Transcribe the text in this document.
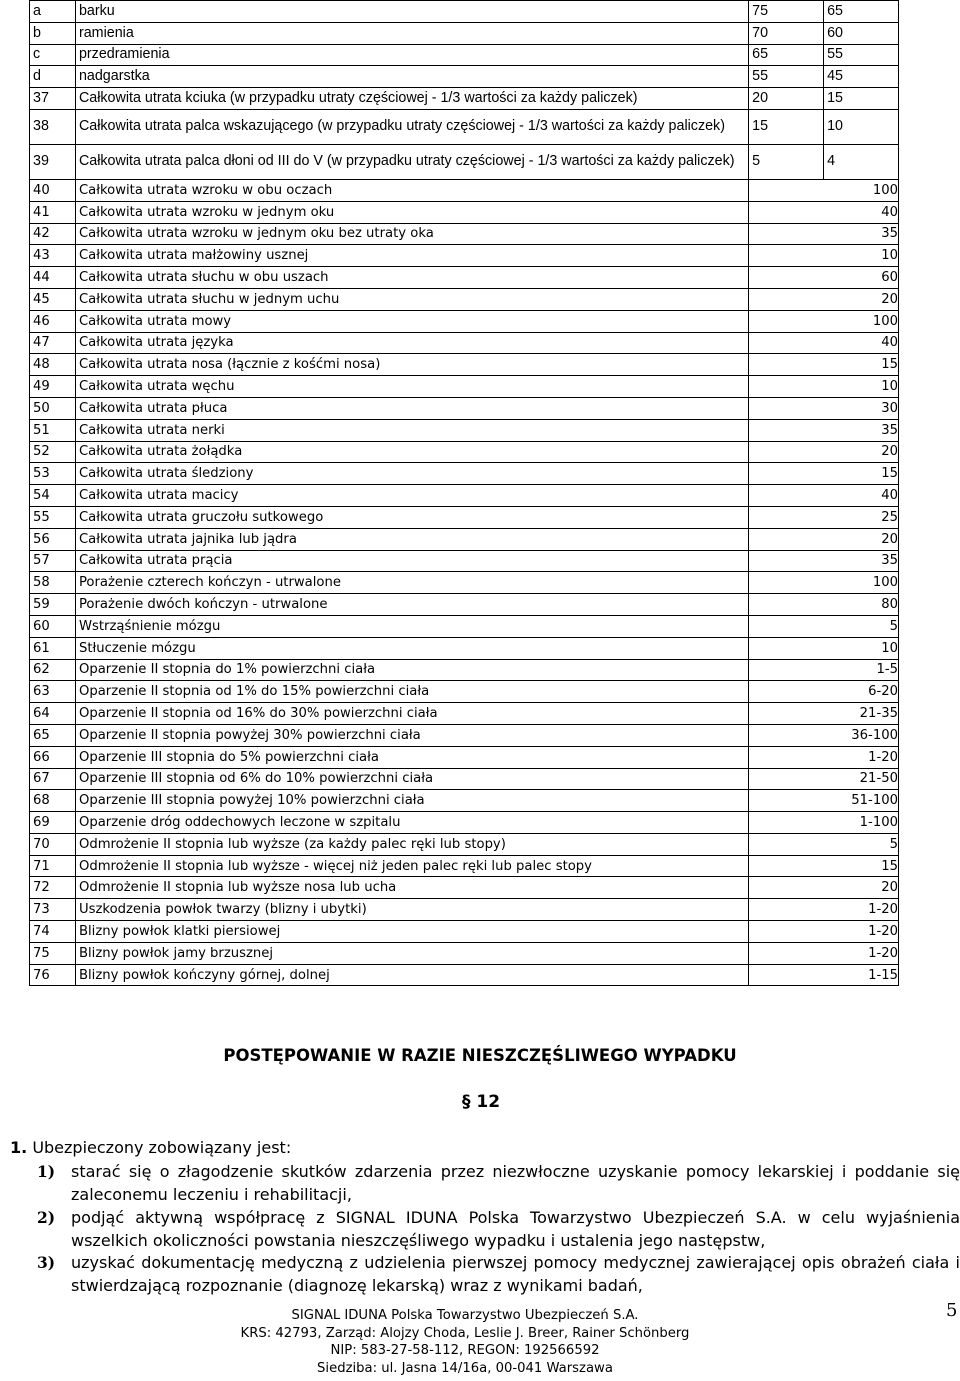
a	barku	75	65
b	ramienia	70	60
c	przedramienia	65	55
d	nadgarstka	55	45
37	Całkowita utrata kciuka (w przypadku utraty częściowej - 1/3 wartości za każdy paliczek)	20	15
38	Całkowita utrata palca wskazującego (w przypadku utraty częściowej - 1/3 wartości za każdy paliczek)	15	10
39	Całkowita utrata palca dłoni od III do V (w przypadku utraty częściowej - 1/3 wartości za każdy paliczek)	5	4
40	Całkowita utrata wzroku w obu oczach	100	
41	Całkowita utrata wzroku w jednym oku	40	
42	Całkowita utrata wzroku w jednym oku bez utraty oka	35	
43	Całkowita utrata małżowiny usznej	10	
44	Całkowita utrata słuchu w obu uszach	60	
45	Całkowita utrata słuchu w jednym uchu	20	
46	Całkowita utrata mowy	100	
47	Całkowita utrata języka	40	
48	Całkowita utrata nosa (łącznie z kośćmi nosa)	15	
49	Całkowita utrata węchu	10	
50	Całkowita utrata płuca	30	
51	Całkowita utrata nerki	35	
52	Całkowita utrata żołądka	20	
53	Całkowita utrata śledziony	15	
54	Całkowita utrata macicy	40	
55	Całkowita utrata gruczołu sutkowego	25	
56	Całkowita utrata jajnika lub jądra	20	
57	Całkowita utrata prącia	35	
58	Porażenie czterech kończyn - utrwalone	100	
59	Porażenie dwóch kończyn - utrwalone	80	
60	Wstrząśnienie mózgu	5	
61	Stłuczenie mózgu	10	
62	Oparzenie II stopnia do 1% powierzchni ciała	1-5	
63	Oparzenie II stopnia od 1% do 15% powierzchni ciała	6-20	
64	Oparzenie II stopnia od 16% do 30% powierzchni ciała	21-35	
65	Oparzenie II stopnia powyżej 30% powierzchni ciała	36-100	
66	Oparzenie III stopnia do 5% powierzchni ciała	1-20	
67	Oparzenie III stopnia od 6% do 10% powierzchni ciała	21-50	
68	Oparzenie III stopnia powyżej 10% powierzchni ciała	51-100	
69	Oparzenie dróg oddechowych leczone w szpitalu	1-100	
70	Odmrożenie II stopnia lub wyższe (za każdy palec ręki lub stopy)	5	
71	Odmrożenie II stopnia lub wyższe - więcej niż jeden palec ręki lub palec stopy	15	
72	Odmrożenie II stopnia lub wyższe nosa lub ucha	20	
73	Uszkodzenia powłok twarzy (blizny i ubytki)	1-20	
74	Blizny powłok klatki piersiowej	1-20	
75	Blizny powłok jamy brzusznej	1-20	
76	Blizny powłok kończyny górnej, dolnej	1-15	
POSTĘPOWANIE W RAZIE NIESZCZĘŚLIWEGO WYPADKU
§ 12
1. Ubezpieczony zobowiązany jest:
1) starać się o złagodzenie skutków zdarzenia przez niezwłoczne uzyskanie pomocy lekarskiej i poddanie się zaleconemu leczeniu i rehabilitacji,
2) podjąć aktywną współpracę z SIGNAL IDUNA Polska Towarzystwo Ubezpieczeń S.A. w celu wyjaśnienia wszelkich okoliczności powstania nieszczęśliwego wypadku i ustalenia jego następstw,
3) uzyskać dokumentację medyczną z udzielenia pierwszej pomocy medycznej zawierającej opis obrażeń ciała i stwierdzającą rozpoznanie (diagnozę lekarską) wraz z wynikami badań,
SIGNAL IDUNA Polska Towarzystwo Ubezpieczeń S.A.
KRS: 42793, Zarząd: Alojzy Choda, Leslie J. Breer, Rainer Schönberg
NIP: 583-27-58-112, REGON: 192566592
Siedziba: ul. Jasna 14/16a, 00-041 Warszawa
5
